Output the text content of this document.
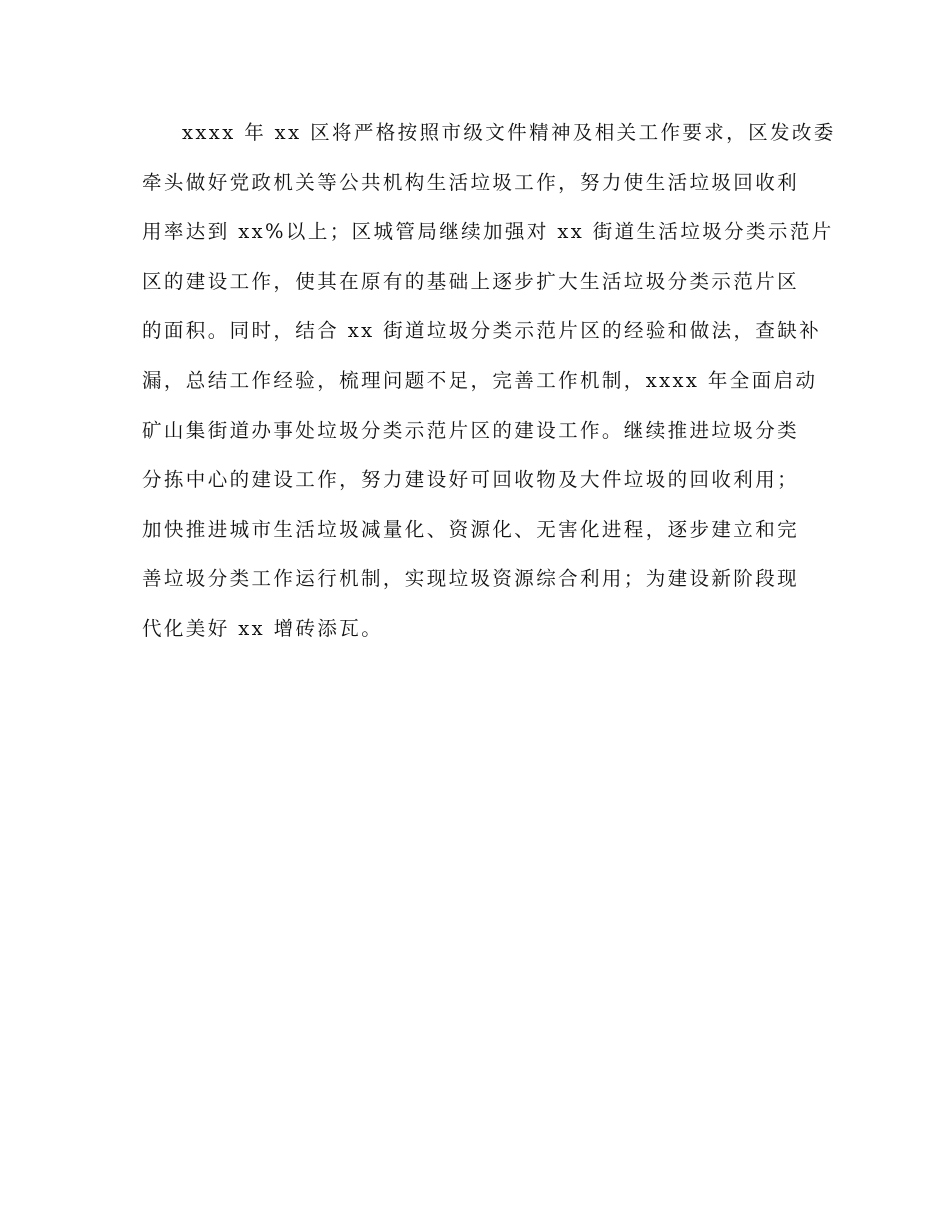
xxxx 年 xx 区将严格按照市级文件精神及相关工作要求，区发改委
牵头做好党政机关等公共机构生活垃圾工作，努力使生活垃圾回收利
用率达到 xx%以上；区城管局继续加强对 xx 街道生活垃圾分类示范片
区的建设工作，使其在原有的基础上逐步扩大生活垃圾分类示范片区
的面积。同时，结合 xx 街道垃圾分类示范片区的经验和做法，查缺补
漏，总结工作经验，梳理问题不足，完善工作机制，xxxx 年全面启动
矿山集街道办事处垃圾分类示范片区的建设工作。继续推进垃圾分类
分拣中心的建设工作，努力建设好可回收物及大件垃圾的回收利用；
加快推进城市生活垃圾减量化、资源化、无害化进程，逐步建立和完
善垃圾分类工作运行机制，实现垃圾资源综合利用；为建设新阶段现
代化美好 xx 增砖添瓦。
